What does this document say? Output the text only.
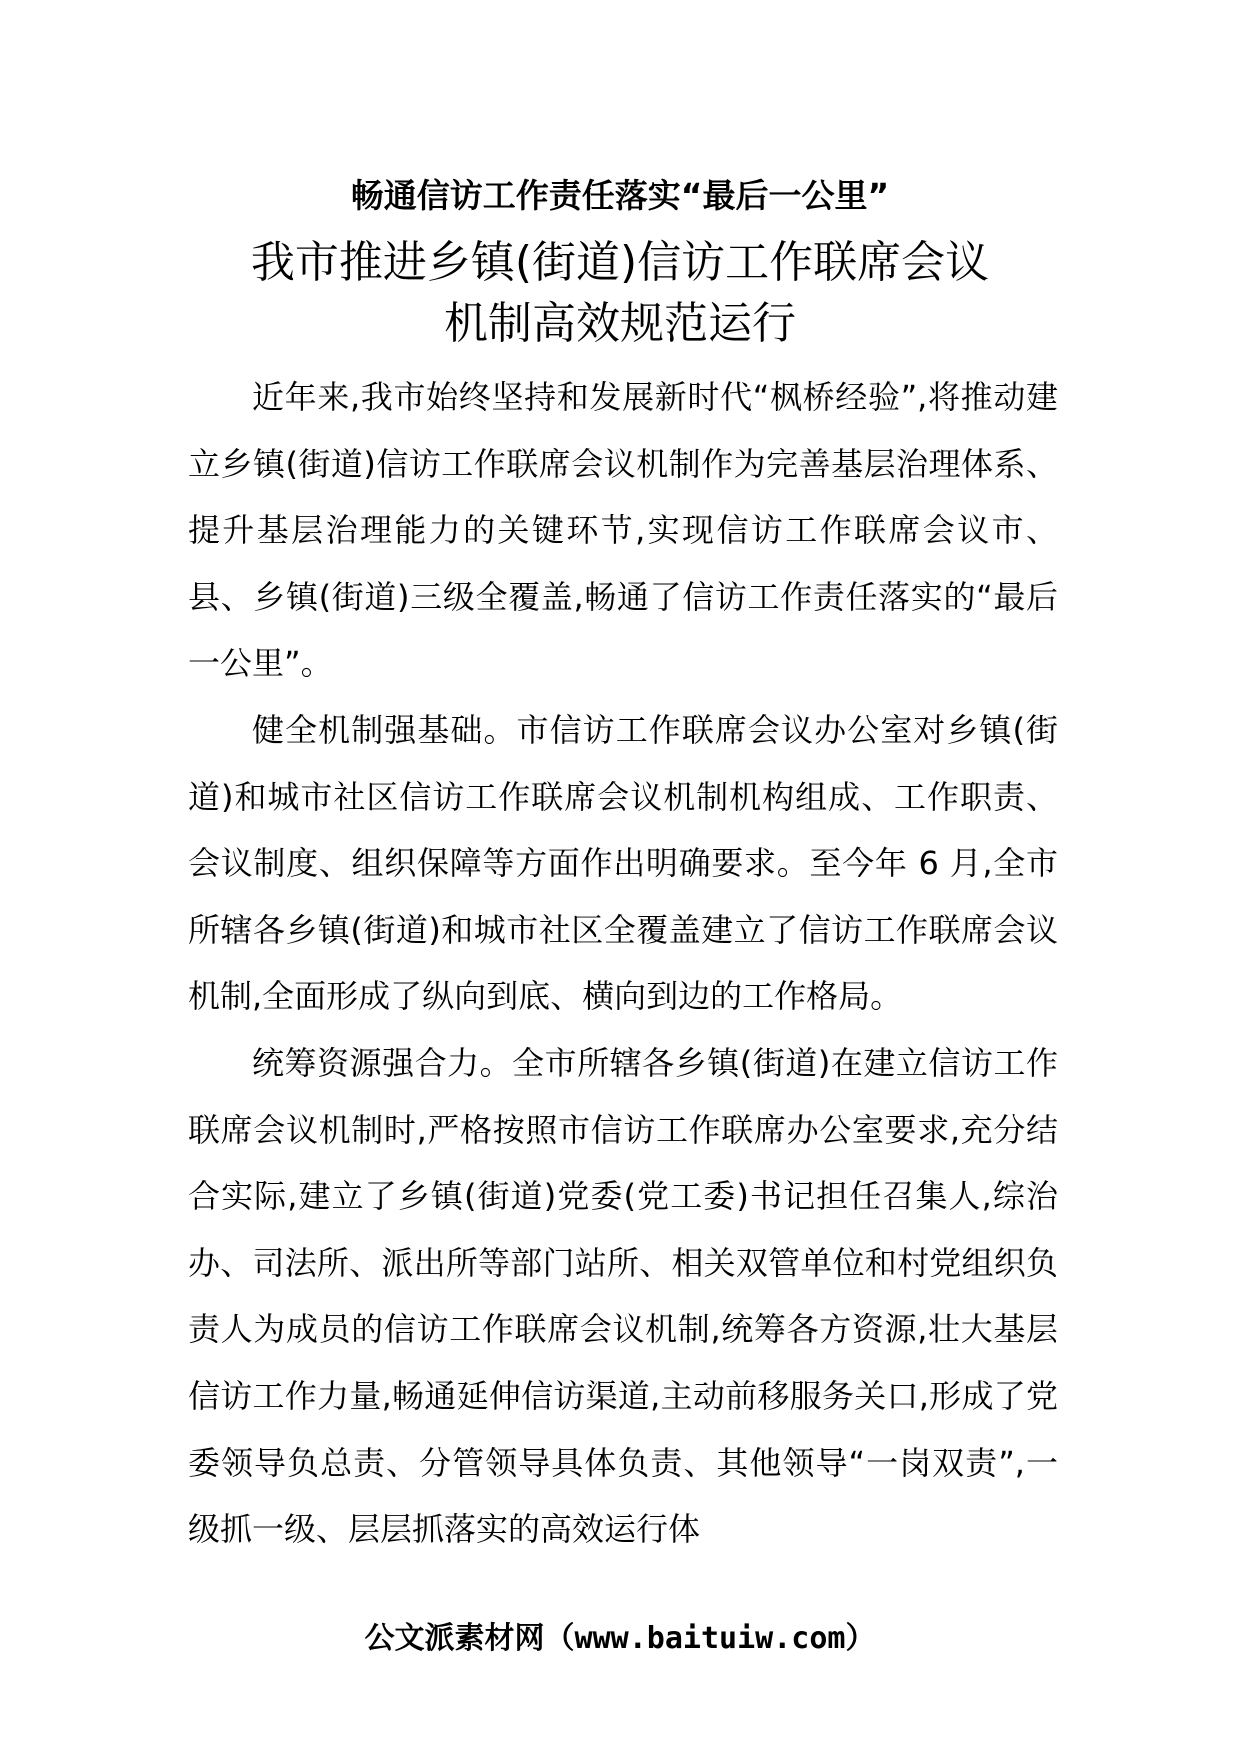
畅通信访工作责任落实“最后一公里”
我市推进乡镇(街道)信访工作联席会议
机制高效规范运行

近年来,我市始终坚持和发展新时代“枫桥经验”,将推动建立乡镇(街道)信访工作联席会议机制作为完善基层治理体系、提升基层治理能力的关键环节,实现信访工作联席会议市、县、乡镇(街道)三级全覆盖,畅通了信访工作责任落实的“最后一公里”。

健全机制强基础。市信访工作联席会议办公室对乡镇(街道)和城市社区信访工作联席会议机制机构组成、工作职责、会议制度、组织保障等方面作出明确要求。至今年 6 月,全市所辖各乡镇(街道)和城市社区全覆盖建立了信访工作联席会议机制,全面形成了纵向到底、横向到边的工作格局。

统筹资源强合力。全市所辖各乡镇(街道)在建立信访工作联席会议机制时,严格按照市信访工作联席办公室要求,充分结合实际,建立了乡镇(街道)党委(党工委)书记担任召集人,综治办、司法所、派出所等部门站所、相关双管单位和村党组织负责人为成员的信访工作联席会议机制,统筹各方资源,壮大基层信访工作力量,畅通延伸信访渠道,主动前移服务关口,形成了党委领导负总责、分管领导具体负责、其他领导“一岗双责”,一级抓一级、层层抓落实的高效运行体

公文派素材网（www.baituiw.com）
